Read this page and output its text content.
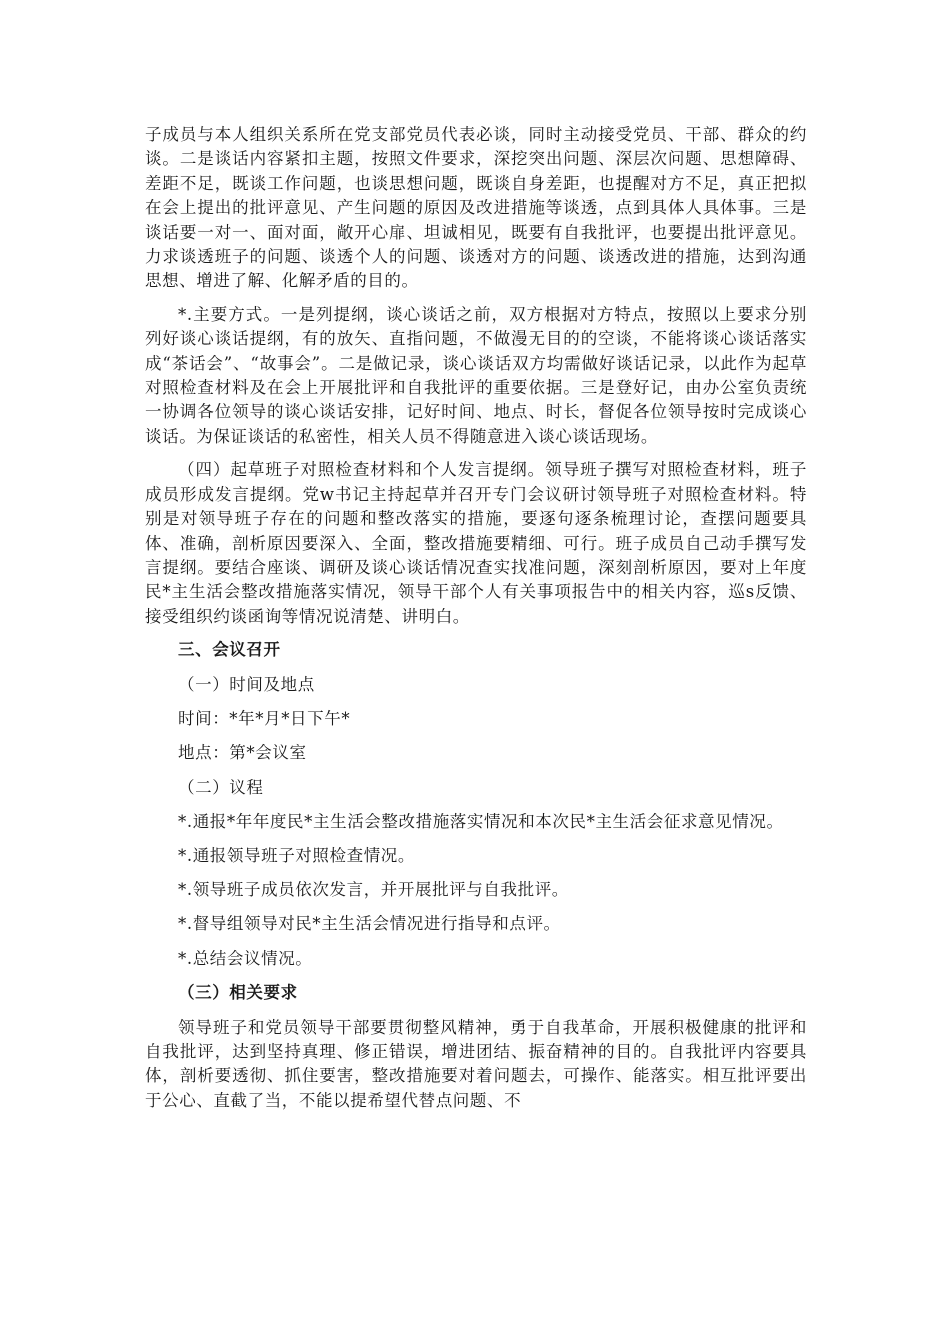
子成员与本人组织关系所在党支部党员代表必谈，同时主动接受党员、干部、群众的约谈。二是谈话内容紧扣主题，按照文件要求，深挖突出问题、深层次问题、思想障碍、差距不足，既谈工作问题，也谈思想问题，既谈自身差距，也提醒对方不足，真正把拟在会上提出的批评意见、产生问题的原因及改进措施等谈透，点到具体人具体事。三是谈话要一对一、面对面，敞开心扉、坦诚相见，既要有自我批评，也要提出批评意见。力求谈透班子的问题、谈透个人的问题、谈透对方的问题、谈透改进的措施，达到沟通思想、增进了解、化解矛盾的目的。

*.主要方式。一是列提纲，谈心谈话之前，双方根据对方特点，按照以上要求分别列好谈心谈话提纲，有的放矢、直指问题，不做漫无目的的空谈，不能将谈心谈话落实成“茶话会”、“故事会”。二是做记录，谈心谈话双方均需做好谈话记录，以此作为起草对照检查材料及在会上开展批评和自我批评的重要依据。三是登好记，由办公室负责统一协调各位领导的谈心谈话安排，记好时间、地点、时长，督促各位领导按时完成谈心谈话。为保证谈话的私密性，相关人员不得随意进入谈心谈话现场。

（四）起草班子对照检查材料和个人发言提纲。领导班子撰写对照检查材料，班子成员形成发言提纲。党w书记主持起草并召开专门会议研讨领导班子对照检查材料。特别是对领导班子存在的问题和整改落实的措施，要逐句逐条梳理讨论，查摆问题要具体、准确，剖析原因要深入、全面，整改措施要精细、可行。班子成员自己动手撰写发言提纲。要结合座谈、调研及谈心谈话情况查实找准问题，深刻剖析原因，要对上年度民*主生活会整改措施落实情况，领导干部个人有关事项报告中的相关内容，巡s反馈、接受组织约谈函询等情况说清楚、讲明白。

三、会议召开
（一）时间及地点
时间：*年*月*日下午*
地点：第*会议室
（二）议程

*.通报*年年度民*主生活会整改措施落实情况和本次民*主生活会征求意见情况。

*.通报领导班子对照检查情况。
*.领导班子成员依次发言，并开展批评与自我批评。
*.督导组领导对民*主生活会情况进行指导和点评。
*.总结会议情况。
（三）相关要求

领导班子和党员领导干部要贯彻整风精神，勇于自我革命，开展积极健康的批评和自我批评，达到坚持真理、修正错误，增进团结、振奋精神的目的。自我批评内容要具体，剖析要透彻、抓住要害，整改措施要对着问题去，可操作、能落实。相互批评要出于公心、直截了当，不能以提希望代替点问题、不
